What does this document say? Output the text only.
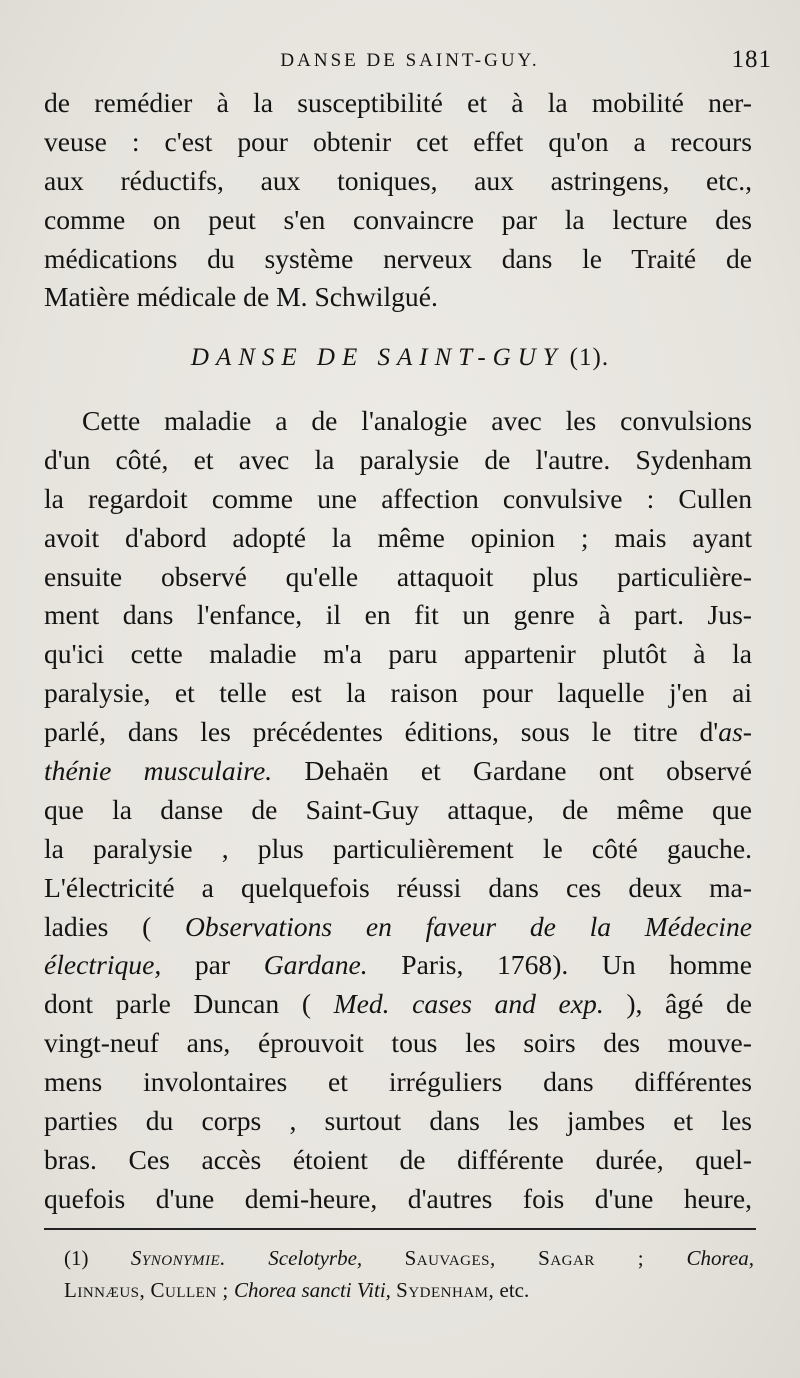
DANSE DE SAINT-GUY.	181
de remédier à la susceptibilité et à la mobilité ner-
veuse : c'est pour obtenir cet effet qu'on a recours
aux réductifs, aux toniques, aux astringens, etc.,
comme on peut s'en convaincre par la lecture des
médications du système nerveux dans le Traité de
Matière médicale de M. Schwilgué.
DANSE DE SAINT-GUY (1).
Cette maladie a de l'analogie avec les convulsions
d'un côté, et avec la paralysie de l'autre. Sydenham
la regardoit comme une affection convulsive : Cullen
avoit d'abord adopté la même opinion ; mais ayant
ensuite observé qu'elle attaquoit plus particulière-
ment dans l'enfance, il en fit un genre à part. Jus-
qu'ici cette maladie m'a paru appartenir plutôt à la
paralysie, et telle est la raison pour laquelle j'en ai
parlé, dans les précédentes éditions, sous le titre d'as-
thénie musculaire. Dehaën et Gardane ont observé
que la danse de Saint-Guy attaque, de même que
la paralysie , plus particulièrement le côté gauche.
L'électricité a quelquefois réussi dans ces deux ma-
ladies ( Observations en faveur de la Médecine
électrique, par Gardane. Paris, 1768). Un homme
dont parle Duncan ( Med. cases and exp. ), âgé de
vingt-neuf ans, éprouvoit tous les soirs des mouve-
mens involontaires et irréguliers dans différentes
parties du corps , surtout dans les jambes et les
bras. Ces accès étoient de différente durée, quel-
quefois d'une demi-heure, d'autres fois d'une heure,
(1) Synonymie. Scelotyrbe, Sauvages, Sagar ; Chorea,
Linnæus, Cullen ; Chorea sancti Viti, Sydenham, etc.
